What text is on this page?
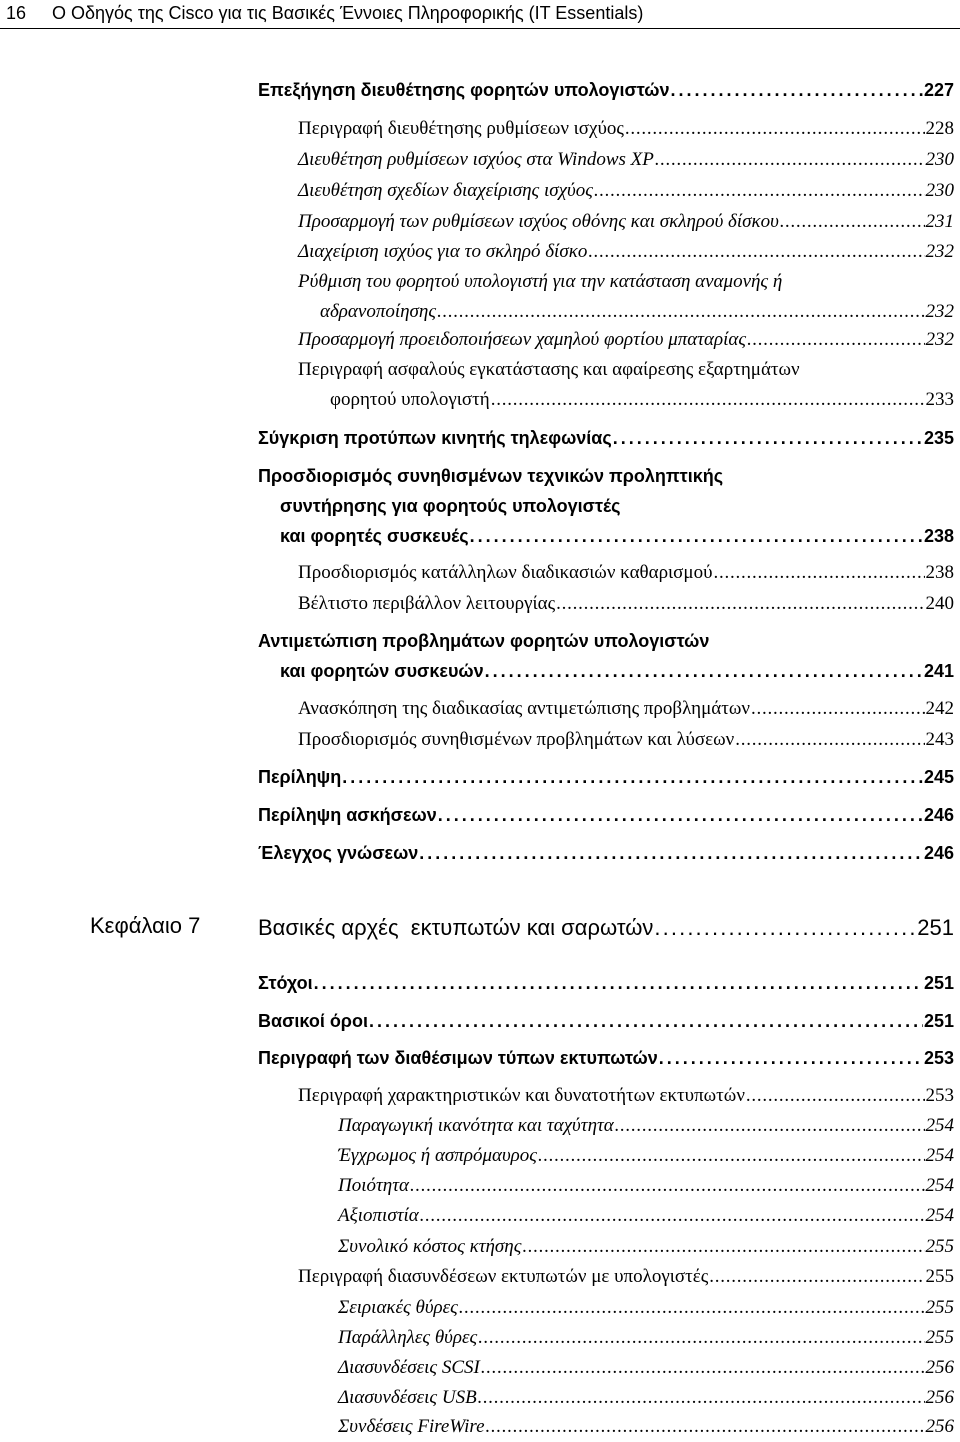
16 Ο Οδηγός της Cisco για τις Βασικές Έννοιες Πληροφορικής (IT Essentials)
Επεξήγηση διευθέτησης φορητών υπολογιστών . . .	227
Περιγραφή διευθέτησης ρυθμίσεων ισχύος . . .	228
Διευθέτηση ρυθμίσεων ισχύος στα Windows XP . . .	230
Διευθέτηση σχεδίων διαχείρισης ισχύος . . .	230
Προσαρμογή των ρυθμίσεων ισχύος οθόνης και σκληρού δίσκου . . .	231
Διαχείριση ισχύος για το σκληρό δίσκο . . .	232
Ρύθμιση του φορητού υπολογιστή για την κατάσταση αναμονής ή
αδρανοποίησης . . .	232
Προσαρμογή προειδοποιήσεων χαμηλού φορτίου μπαταρίας . . .	232
Περιγραφή ασφαλούς εγκατάστασης και αφαίρεσης εξαρτημάτων
φορητού υπολογιστή . . .	233
Σύγκριση προτύπων κινητής τηλεφωνίας . . .	235
Προσδιορισμός συνηθισμένων τεχνικών προληπτικής
συντήρησης για φορητούς υπολογιστές
και φορητές συσκευές . . .	238
Προσδιορισμός κατάλληλων διαδικασιών καθαρισμού . . .	238
Βέλτιστο περιβάλλον λειτουργίας . . .	240
Αντιμετώπιση προβλημάτων φορητών υπολογιστών
και φορητών συσκευών . . .	241
Ανασκόπηση της διαδικασίας αντιμετώπισης προβλημάτων . . .	242
Προσδιορισμός συνηθισμένων προβλημάτων και λύσεων . . .	243
Περίληψη . . .	245
Περίληψη ασκήσεων . . .	246
Έλεγχος γνώσεων . . .	246
Κεφάλαιο 7	Βασικές αρχές  εκτυπωτών και σαρωτών . . .	251
Στόχοι . . .	251
Βασικοί όροι . . .	251
Περιγραφή των διαθέσιμων τύπων εκτυπωτών . . .	253
Περιγραφή χαρακτηριστικών και δυνατοτήτων εκτυπωτών . . .	253
Παραγωγική ικανότητα και ταχύτητα . . .	254
Έγχρωμος ή ασπρόμαυρος . . .	254
Ποιότητα . . .	254
Αξιοπιστία . . .	254
Συνολικό κόστος κτήσης . . .	255
Περιγραφή διασυνδέσεων εκτυπωτών με υπολογιστές . . .	255
Σειριακές θύρες . . .	255
Παράλληλες θύρες . . .	255
Διασυνδέσεις SCSI . . .	256
Διασυνδέσεις USB . . .	256
Συνδέσεις FireWire . . .	256
